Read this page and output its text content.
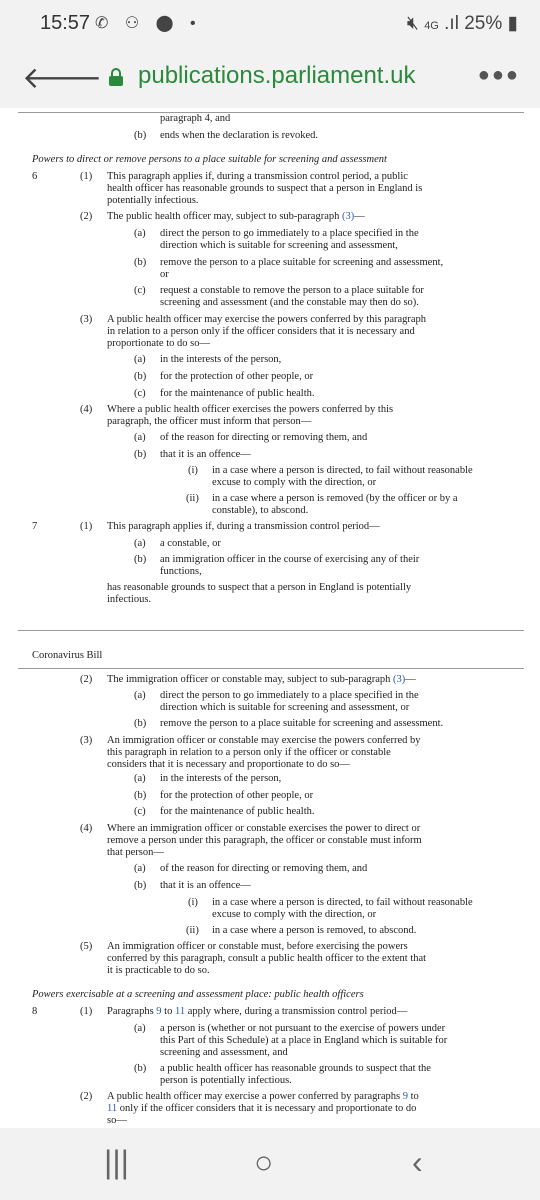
15:57 ✆ ⚇ ⬤ •	🔇︎ 4G .ıl 25% ▮
🡐 publications.parliament.uk	●●●
paragraph 4, and
(b) ends when the declaration is revoked.
Powers to direct or remove persons to a place suitable for screening and assessment
6	(1) This paragraph applies if, during a transmission control period, a public
health officer has reasonable grounds to suspect that a person in England is
potentially infectious.
(2) The public health officer may, subject to sub-paragraph (3)—
(a) direct the person to go immediately to a place specified in the
direction which is suitable for screening and assessment,
(b) remove the person to a place suitable for screening and assessment,
or
(c) request a constable to remove the person to a place suitable for
screening and assessment (and the constable may then do so).
(3) A public health officer may exercise the powers conferred by this paragraph
in relation to a person only if the officer considers that it is necessary and
proportionate to do so—
(a) in the interests of the person,
(b) for the protection of other people, or
(c) for the maintenance of public health.
(4) Where a public health officer exercises the powers conferred by this
paragraph, the officer must inform that person—
(a) of the reason for directing or removing them, and
(b) that it is an offence—
(i) in a case where a person is directed, to fail without reasonable
excuse to comply with the direction, or
(ii) in a case where a person is removed (by the officer or by a
constable), to abscond.
7	(1) This paragraph applies if, during a transmission control period—
(a) a constable, or
(b) an immigration officer in the course of exercising any of their
functions,
has reasonable grounds to suspect that a person in England is potentially
infectious.
Coronavirus Bill
(2) The immigration officer or constable may, subject to sub-paragraph (3)—
(a) direct the person to go immediately to a place specified in the
direction which is suitable for screening and assessment, or
(b) remove the person to a place suitable for screening and assessment.
(3) An immigration officer or constable may exercise the powers conferred by
this paragraph in relation to a person only if the officer or constable
considers that it is necessary and proportionate to do so—
(a) in the interests of the person,
(b) for the protection of other people, or
(c) for the maintenance of public health.
(4) Where an immigration officer or constable exercises the power to direct or
remove a person under this paragraph, the officer or constable must inform
that person—
(a) of the reason for directing or removing them, and
(b) that it is an offence—
(i) in a case where a person is directed, to fail without reasonable
excuse to comply with the direction, or
(ii) in a case where a person is removed, to abscond.
(5) An immigration officer or constable must, before exercising the powers
conferred by this paragraph, consult a public health officer to the extent that
it is practicable to do so.
Powers exercisable at a screening and assessment place: public health officers
8	(1) Paragraphs 9 to 11 apply where, during a transmission control period—
(a) a person is (whether or not pursuant to the exercise of powers under
this Part of this Schedule) at a place in England which is suitable for
screening and assessment, and
(b) a public health officer has reasonable grounds to suspect that the
person is potentially infectious.
(2) A public health officer may exercise a power conferred by paragraphs 9 to
11 only if the officer considers that it is necessary and proportionate to do
so—
|||	○	‹
